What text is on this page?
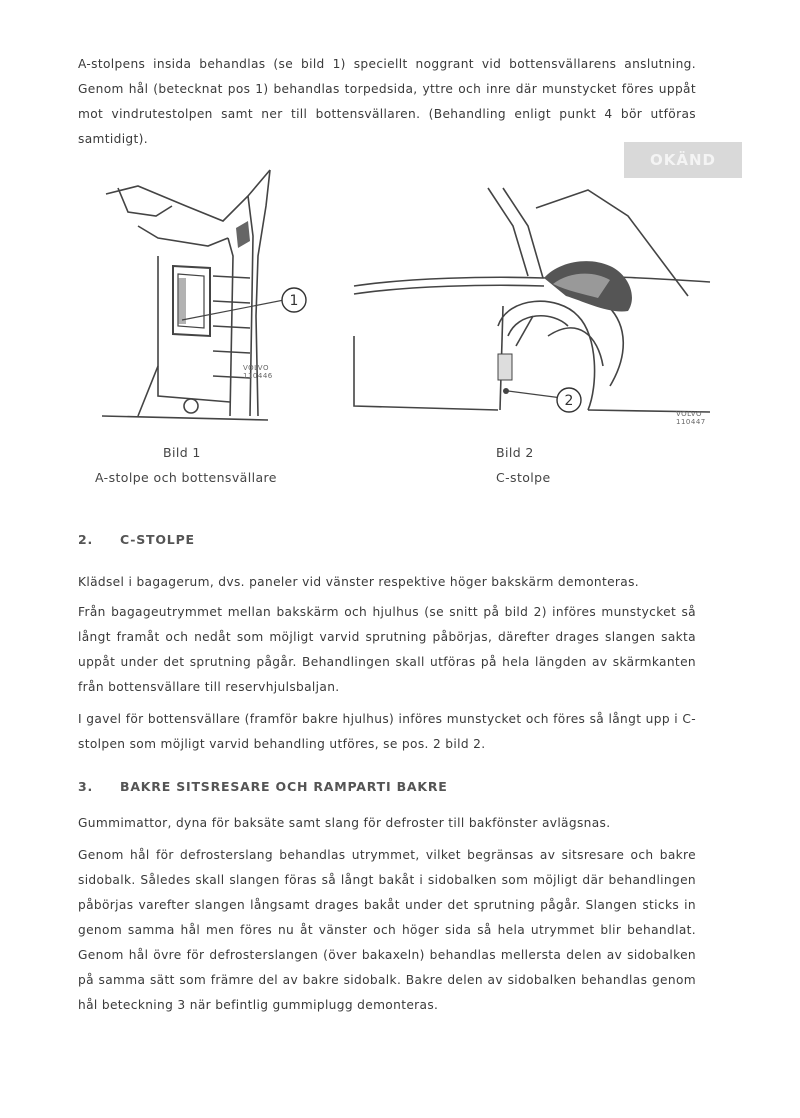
A-stolpens insida behandlas (se bild 1) speciellt noggrant vid bottensvällarens anslutning. Genom hål (betecknat pos 1) behandlas torpedsida, yttre och inre där munstycket föres uppåt mot vindrutestolpen samt ner till bottensvällaren. (Behandling enligt punkt 4 bör utföras samtidigt).

OKÄND
1
VOLVO
110446
2
VOLVO
110447
Bild 1
A-stolpe och bottensvällare
Bild 2
C-stolpe
2. C-STOLPE

Klädsel i bagagerum, dvs. paneler vid vänster respektive höger bakskärm demonteras.

Från bagageutrymmet mellan bakskärm och hjulhus (se snitt på bild 2) införes munstycket så långt framåt och nedåt som möjligt varvid sprutning påbörjas, därefter drages slangen sakta uppåt under det sprutning pågår. Behandlingen skall utföras på hela längden av skärmkanten från bottensvällare till reservhjulsbaljan.

I gavel för bottensvällare (framför bakre hjulhus) införes munstycket och föres så långt upp i C-stolpen som möjligt varvid behandling utföres, se pos. 2 bild 2.

3. BAKRE SITSRESARE OCH RAMPARTI BAKRE

Gummimattor, dyna för baksäte samt slang för defroster till bakfönster avlägsnas.

Genom hål för defrosterslang behandlas utrymmet, vilket begränsas av sitsresare och bakre sidobalk. Således skall slangen föras så långt bakåt i sidobalken som möjligt där behandlingen påbörjas varefter slangen långsamt drages bakåt under det sprutning pågår. Slangen sticks in genom samma hål men föres nu åt vänster och höger sida så hela utrymmet blir behandlat. Genom hål övre för defrosterslangen (över bakaxeln) behandlas mellersta delen av sidobalken på samma sätt som främre del av bakre sidobalk. Bakre delen av sidobalken behandlas genom hål beteckning 3 när befintlig gummiplugg demonteras.
